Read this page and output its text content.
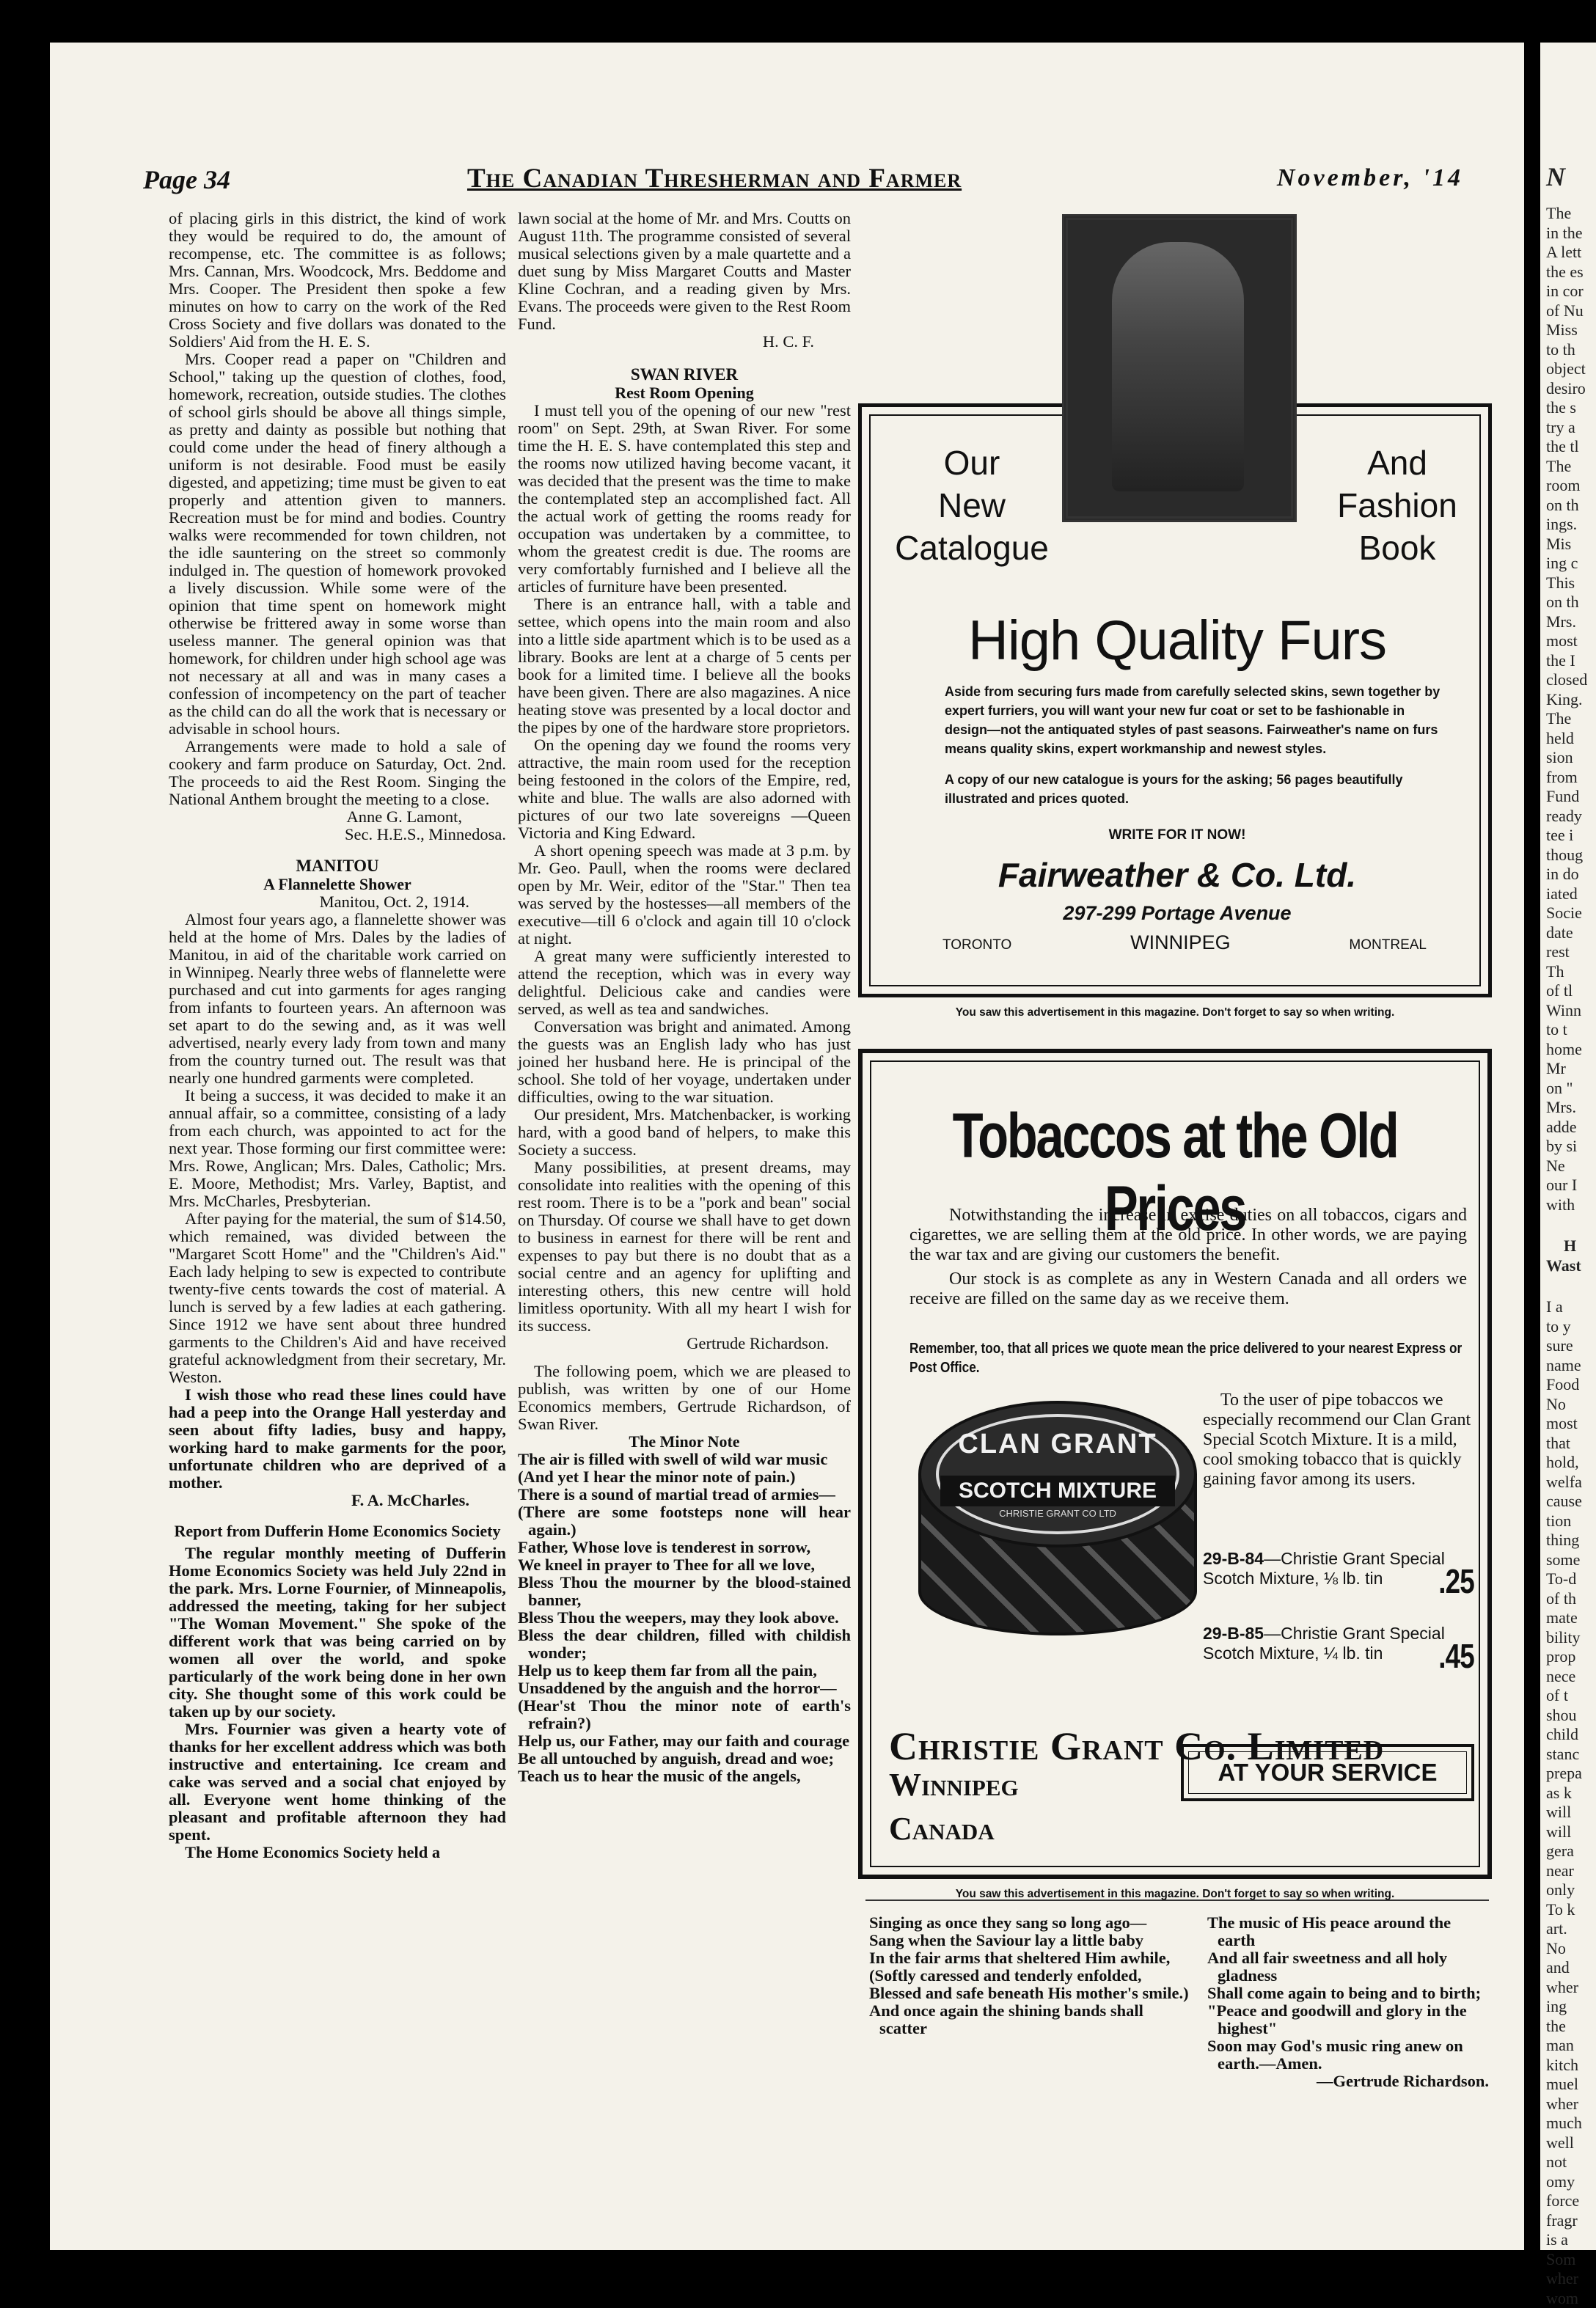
N
The
in the
A lett
the es
in cor
of Nu
Miss
to th
object
desiro
the s
try a
the tl
The
room
on th
ings.
Mis
ing c
This
on th
Mrs.
most
the I
closed
King.
The
held
sion
from
Fund
ready
tee i
thoug
in do
iated
Socie
date
rest
Th
of tl
Winn
to t
home
Mr
on "
Mrs.
adde
by si
Ne
our I
with
H
Wast
I a
to y
sure
name
Food
No
most
that
hold,
welfa
cause
tion
thing
some
To-d
of th
mate
bility
prop
nece
of t
shou
child
stanc
prepa
as k
will
will
gera
near
only
To k
art.
No
and
wher
ing
the
man
kitch
muel
wher
much
well
not
omy
force
fragr
is a
Som
wher
wom
Page 34	The Canadian Thresherman and Farmer	November, '14

of placing girls in this district, the kind of work they would be required to do, the amount of recompense, etc. The committee is as follows; Mrs. Cannan, Mrs. Woodcock, Mrs. Beddome and Mrs. Cooper. The President then spoke a few minutes on how to carry on the work of the Red Cross Society and five dollars was donated to the Soldiers' Aid from the H. E. S.

Mrs. Cooper read a paper on "Children and School," taking up the question of clothes, food, homework, recreation, outside studies. The clothes of school girls should be above all things simple, as pretty and dainty as possible but nothing that could come under the head of finery although a uniform is not desirable. Food must be easily digested, and appetizing; time must be given to eat properly and attention given to manners. Recreation must be for mind and bodies. Country walks were recommended for town children, not the idle sauntering on the street so commonly indulged in. The question of homework provoked a lively discussion. While some were of the opinion that time spent on homework might otherwise be frittered away in some worse than useless manner. The general opinion was that homework, for children under high school age was not necessary at all and was in many cases a confession of incompetency on the part of teacher as the child can do all the work that is necessary or advisable in school hours.

Arrangements were made to hold a sale of cookery and farm produce on Saturday, Oct. 2nd. The proceeds to aid the Rest Room. Singing the National Anthem brought the meeting to a close.

Anne G. Lamont,

Sec. H.E.S., Minnedosa.

MANITOU
A Flannelette Shower

Manitou, Oct. 2, 1914.

Almost four years ago, a flannelette shower was held at the home of Mrs. Dales by the ladies of Manitou, in aid of the charitable work carried on in Winnipeg. Nearly three webs of flannelette were purchased and cut into garments for ages ranging from infants to fourteen years. An afternoon was set apart to do the sewing and, as it was well advertised, nearly every lady from town and many from the country turned out. The result was that nearly one hundred garments were completed.

It being a success, it was decided to make it an annual affair, so a committee, consisting of a lady from each church, was appointed to act for the next year. Those forming our first committee were: Mrs. Rowe, Anglican; Mrs. Dales, Catholic; Mrs. E. Moore, Methodist; Mrs. Varley, Baptist, and Mrs. McCharles, Presbyterian.

After paying for the material, the sum of $14.50, which remained, was divided between the "Margaret Scott Home" and the "Children's Aid." Each lady helping to sew is expected to contribute twenty-five cents towards the cost of material. A lunch is served by a few ladies at each gathering. Since 1912 we have sent about three hundred garments to the Children's Aid and have received grateful acknowledgment from their secretary, Mr. Weston.

I wish those who read these lines could have had a peep into the Orange Hall yesterday and seen about fifty ladies, busy and happy, working hard to make garments for the poor, unfortunate children who are deprived of a mother.

F. A. McCharles.

Report from Dufferin Home Economics Society

The regular monthly meeting of Dufferin Home Economics Society was held July 22nd in the park. Mrs. Lorne Fournier, of Minneapolis, addressed the meeting, taking for her subject "The Woman Movement." She spoke of the different work that was being carried on by women all over the world, and spoke particularly of the work being done in her own city. She thought some of this work could be taken up by our society.

Mrs. Fournier was given a hearty vote of thanks for her excellent address which was both instructive and entertaining. Ice cream and cake was served and a social chat enjoyed by all. Everyone went home thinking of the pleasant and profitable afternoon they had spent.

The Home Economics Society held a

lawn social at the home of Mr. and Mrs. Coutts on August 11th. The programme consisted of several musical selections given by a male quartette and a duet sung by Miss Margaret Coutts and Master Kline Cochran, and a reading given by Mrs. Evans. The proceeds were given to the Rest Room Fund.

H. C. F.

SWAN RIVER
Rest Room Opening

I must tell you of the opening of our new "rest room" on Sept. 29th, at Swan River. For some time the H. E. S. have contemplated this step and the rooms now utilized having become vacant, it was decided that the present was the time to make the contemplated step an accomplished fact. All the actual work of getting the rooms ready for occupation was undertaken by a committee, to whom the greatest credit is due. The rooms are very comfortably furnished and I believe all the articles of furniture have been presented.

There is an entrance hall, with a table and settee, which opens into the main room and also into a little side apartment which is to be used as a library. Books are lent at a charge of 5 cents per book for a limited time. I believe all the books have been given. There are also magazines. A nice heating stove was presented by a local doctor and the pipes by one of the hardware store proprietors.

On the opening day we found the rooms very attractive, the main room used for the reception being festooned in the colors of the Empire, red, white and blue. The walls are also adorned with pictures of our two late sovereigns —Queen Victoria and King Edward.

A short opening speech was made at 3 p.m. by Mr. Geo. Paull, when the rooms were declared open by Mr. Weir, editor of the "Star." Then tea was served by the hostesses—all members of the executive—till 6 o'clock and again till 10 o'clock at night.

A great many were sufficiently interested to attend the reception, which was in every way delightful. Delicious cake and candies were served, as well as tea and sandwiches.

Conversation was bright and animated. Among the guests was an English lady who has just joined her husband here. He is principal of the school. She told of her voyage, undertaken under difficulties, owing to the war situation.

Our president, Mrs. Matchenbacker, is working hard, with a good band of helpers, to make this Society a success.

Many possibilities, at present dreams, may consolidate into realities with the opening of this rest room. There is to be a "pork and bean" social on Thursday. Of course we shall have to get down to business in earnest for there will be rent and expenses to pay but there is no doubt that as a social centre and an agency for uplifting and interesting others, this new centre will hold limitless oportunity. With all my heart I wish for its success.

Gertrude Richardson.

The following poem, which we are pleased to publish, was written by one of our Home Economics members, Gertrude Richardson, of Swan River.

The Minor Note
The air is filled with swell of wild war music
(And yet I hear the minor note of pain.)
There is a sound of martial tread of armies—
(There are some footsteps none will hear again.)
Father, Whose love is tenderest in sorrow,
We kneel in prayer to Thee for all we love,
Bless Thou the mourner by the blood-stained banner,
Bless Thou the weepers, may they look above.
Bless the dear children, filled with childish wonder;
Help us to keep them far from all the pain,
Unsaddened by the anguish and the horror—
(Hear'st Thou the minor note of earth's refrain?)
Help us, our Father, may our faith and courage
Be all untouched by anguish, dread and woe;
Teach us to hear the music of the angels,
Our
New
Catalogue
And
Fashion
Book
High Quality Furs

Aside from securing furs made from carefully selected skins, sewn together by expert furriers, you will want your new fur coat or set to be fashionable in design—not the antiquated styles of past seasons. Fairweather's name on furs means quality skins, expert workmanship and newest styles.

A copy of our new catalogue is yours for the asking; 56 pages beautifully illustrated and prices quoted.

WRITE FOR IT NOW!
Fairweather & Co. Ltd.
297-299 Portage Avenue
TORONTO	WINNIPEG	MONTREAL
You saw this advertisement in this magazine. Don't forget to say so when writing.
Tobaccos at the Old Prices

Notwithstanding the increase in excise duties on all tobaccos, cigars and cigarettes, we are selling them at the old price. In other words, we are paying the war tax and are giving our customers the benefit.

Our stock is as complete as any in Western Canada and all orders we receive are filled on the same day as we receive them.

Remember, too, that all prices we quote mean the price delivered to your nearest Express or Post Office.
CLAN GRANT
SCOTCH MIXTURE
CHRISTIE GRANT CO LTD

To the user of pipe tobaccos we especially recommend our Clan Grant Special Scotch Mixture. It is a mild, cool smoking tobacco that is quickly gaining favor among its users.

29-B-84—Christie Grant Special Scotch Mixture, ⅛ lb. tin .25
29-B-85—Christie Grant Special Scotch Mixture, ¼ lb. tin .45
Christie Grant Co. Limited
Winnipeg
Canada
AT YOUR SERVICE
You saw this advertisement in this magazine. Don't forget to say so when writing.
Singing as once they sang so long ago—
Sang when the Saviour lay a little baby
In the fair arms that sheltered Him awhile,
(Softly caressed and tenderly enfolded,
Blessed and safe beneath His mother's smile.)
And once again the shining bands shall scatter
The music of His peace around the earth
And all fair sweetness and all holy gladness
Shall come again to being and to birth;
"Peace and goodwill and glory in the highest"
Soon may God's music ring anew on earth.—Amen.
—Gertrude Richardson.
